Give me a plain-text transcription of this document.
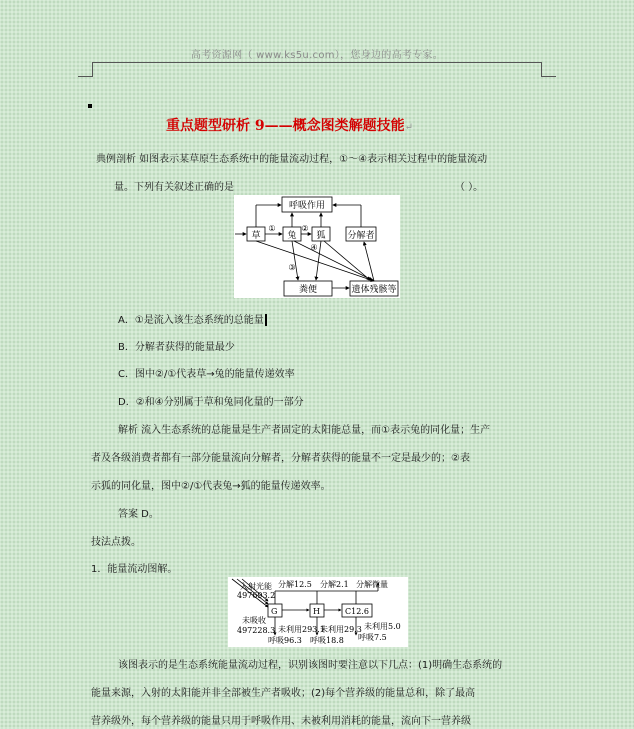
高考资源网（ www.ks5u.com），您身边的高考专家。
重点题型研析 9——概念图类解题技能↵
典例剖析 如图表示某草原生态系统中的能量流动过程，①～④表示相关过程中的能量流动
量。下列有关叙述正确的是	（ ）。
呼吸作用
草	兔 狐 分解者
粪便	遗体残骸等
①	②
④
③
A．①是流入该生态系统的总能量
B．分解者获得的能量最少
C．图中②/①代表草→兔的能量传递效率
D．②和④分别属于草和兔同化量的一部分
解析 流入生态系统的总能量是生产者固定的太阳能总量，而①表示兔的同化量；生产
者及各级消费者都有一部分能量流向分解者，分解者获得的能量不一定是最少的；②表
示狐的同化量，图中②/①代表兔→狐的能量传递效率。
答案 D。
技法点拨。
1．能量流动图解。
入射光能
497693.2
未吸收
497228.3
G	H	C12.6
分解12.5 分解2.1 分解微量
未利用293.1
未利用29.3 未利用5.0
呼吸96.3 呼吸18.8 呼吸7.5
该图表示的是生态系统能量流动过程，识别该图时要注意以下几点：(1)明确生态系统的
能量来源，入射的太阳能并非全部被生产者吸收；(2)每个营养级的能量总和，除了最高
营养级外，每个营养级的能量只用于呼吸作用、未被利用消耗的能量，流向下一营养级
